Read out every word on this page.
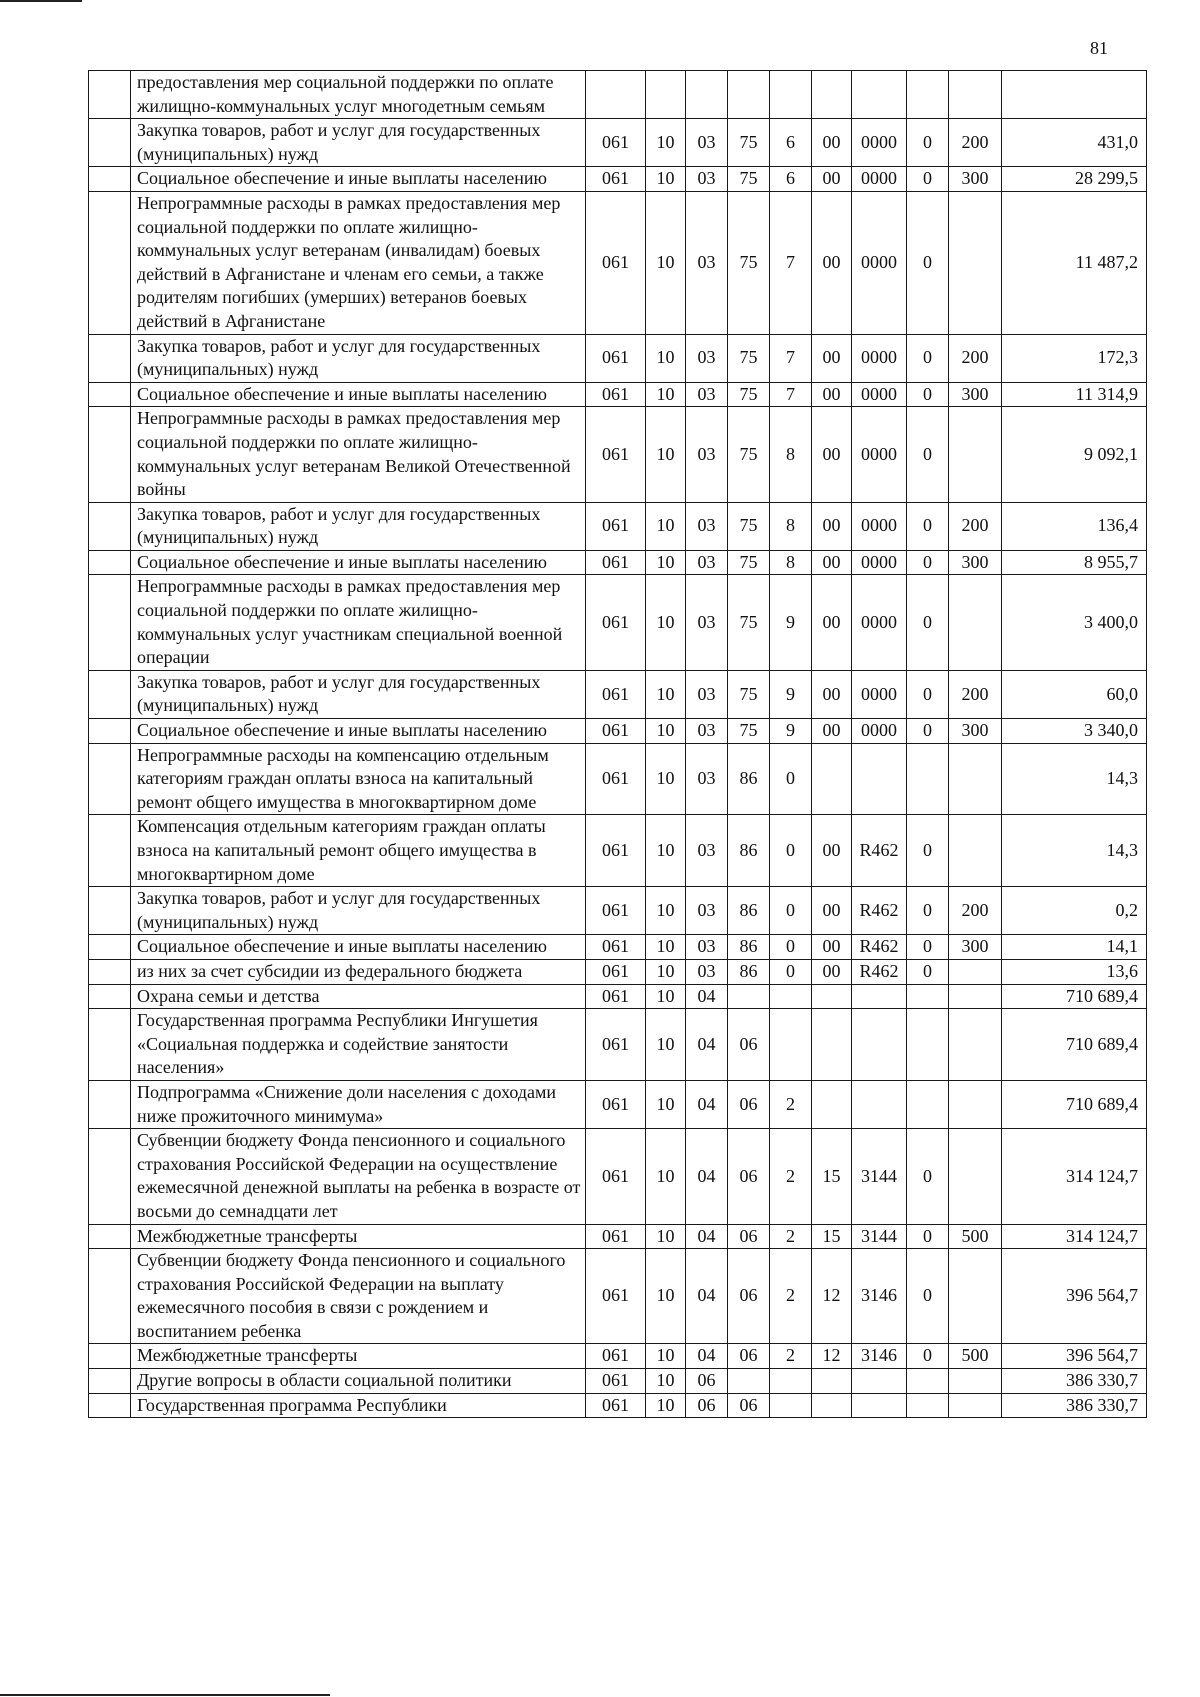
81
	предоставления мер социальной поддержки по оплате жилищно-коммунальных услуг многодетным семьям										
	Закупка товаров, работ и услуг для государственных (муниципальных) нужд	061	10	03	75	6	00	0000	0	200	431,0
	Социальное обеспечение и иные выплаты населению	061	10	03	75	6	00	0000	0	300	28 299,5
	Непрограммные расходы в рамках предоставления мер социальной поддержки по оплате жилищно-коммунальных услуг ветеранам (инвалидам) боевых действий в Афганистане и членам его семьи, а также родителям погибших (умерших) ветеранов боевых действий в Афганистане	061	10	03	75	7	00	0000	0		11 487,2
	Закупка товаров, работ и услуг для государственных (муниципальных) нужд	061	10	03	75	7	00	0000	0	200	172,3
	Социальное обеспечение и иные выплаты населению	061	10	03	75	7	00	0000	0	300	11 314,9
	Непрограммные расходы в рамках предоставления мер социальной поддержки по оплате жилищно-коммунальных услуг ветеранам Великой Отечественной войны	061	10	03	75	8	00	0000	0		9 092,1
	Закупка товаров, работ и услуг для государственных (муниципальных) нужд	061	10	03	75	8	00	0000	0	200	136,4
	Социальное обеспечение и иные выплаты населению	061	10	03	75	8	00	0000	0	300	8 955,7
	Непрограммные расходы в рамках предоставления мер социальной поддержки по оплате жилищно-коммунальных услуг участникам специальной военной операции	061	10	03	75	9	00	0000	0		3 400,0
	Закупка товаров, работ и услуг для государственных (муниципальных) нужд	061	10	03	75	9	00	0000	0	200	60,0
	Социальное обеспечение и иные выплаты населению	061	10	03	75	9	00	0000	0	300	3 340,0
	Непрограммные расходы на компенсацию отдельным категориям граждан оплаты взноса на капитальный ремонт общего имущества в многоквартирном доме	061	10	03	86	0					14,3
	Компенсация отдельным категориям граждан оплаты взноса на капитальный ремонт общего имущества в многоквартирном доме	061	10	03	86	0	00	R462	0		14,3
	Закупка товаров, работ и услуг для государственных (муниципальных) нужд	061	10	03	86	0	00	R462	0	200	0,2
	Социальное обеспечение и иные выплаты населению	061	10	03	86	0	00	R462	0	300	14,1
	из них за счет субсидии из федерального бюджета	061	10	03	86	0	00	R462	0		13,6
	Охрана семьи и детства	061	10	04							710 689,4
	Государственная программа Республики Ингушетия «Социальная поддержка и содействие занятости населения»	061	10	04	06						710 689,4
	Подпрограмма «Снижение доли населения с доходами ниже прожиточного минимума»	061	10	04	06	2					710 689,4
	Субвенции бюджету Фонда пенсионного и социального страхования Российской Федерации на осуществление ежемесячной денежной выплаты на ребенка в возрасте от восьми до семнадцати лет	061	10	04	06	2	15	3144	0		314 124,7
	Межбюджетные трансферты	061	10	04	06	2	15	3144	0	500	314 124,7
	Субвенции бюджету Фонда пенсионного и социального страхования Российской Федерации на выплату ежемесячного пособия в связи с рождением и воспитанием ребенка	061	10	04	06	2	12	3146	0		396 564,7
	Межбюджетные трансферты	061	10	04	06	2	12	3146	0	500	396 564,7
	Другие вопросы в области социальной политики	061	10	06							386 330,7
	Государственная программа Республики	061	10	06	06						386 330,7
